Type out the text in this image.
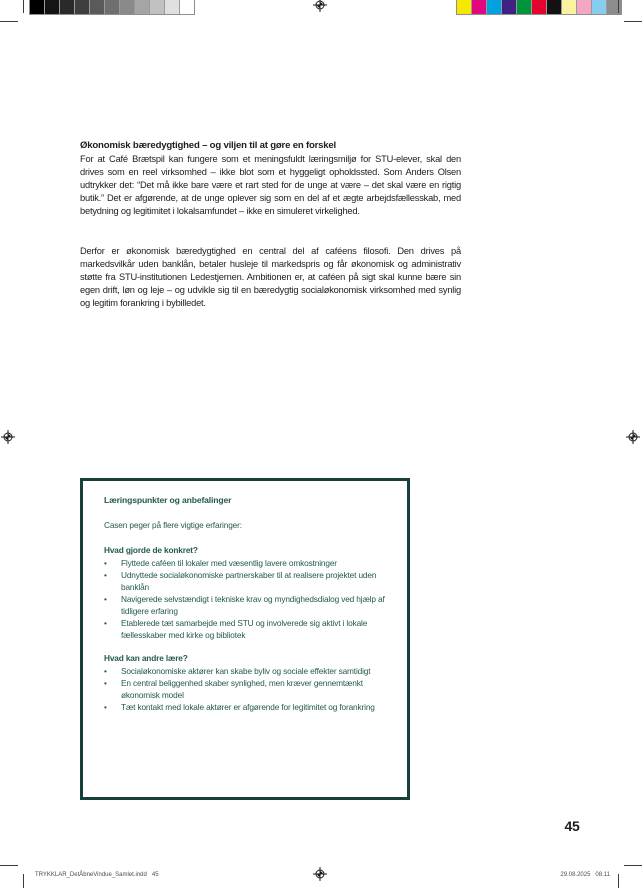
Økonomisk bæredygtighed – og viljen til at gøre en forskel

For at Café Brætspil kan fungere som et meningsfuldt læringsmiljø for STU-elever, skal den drives som en reel virksomhed – ikke blot som et hyggeligt opholdssted. Som Anders Olsen udtrykker det: “Det må ikke bare være et rart sted for de unge at være – det skal være en rigtig butik.” Det er afgørende, at de unge oplever sig som en del af et ægte arbejdsfællesskab, med betydning og legitimitet i lokalsamfundet – ikke en simuleret virkelighed.

Derfor er økonomisk bæredygtighed en central del af caféens filosofi. Den drives på markedsvilkår uden banklån, betaler husleje til markedspris og får økonomisk og administrativ støtte fra STU-institutionen Ledestjernen. Ambitionen er, at caféen på sigt skal kunne bære sin egen drift, løn og leje – og udvikle sig til en bæredygtig socialøkonomisk virksomhed med synlig og legitim forankring i bybilledet.

Læringspunkter og anbefalinger
Casen peger på flere vigtige erfaringer:
Hvad gjorde de konkret?
•	Flyttede caféen til lokaler med væsentlig lavere omkostninger
•	Udnyttede socialøkonomiske partnerskaber til at realisere projektet uden banklån
•	Navigerede selvstændigt i tekniske krav og myndighedsdialog ved hjælp af tidligere erfaring
•	Etablerede tæt samarbejde med STU og involverede sig aktivt i lokale fællesskaber med kirke og bibliotek
Hvad kan andre lære?
•	Socialøkonomiske aktører kan skabe byliv og sociale effekter samtidigt
•	En central beliggenhed skaber synlighed, men kræver gennemtænkt økonomisk model
•	Tæt kontakt med lokale aktører er afgørende for legitimitet og forankring
45
TRYKKLAR_DetÅbneVindue_Samlet.indd   45	29.08.2025   08.11
